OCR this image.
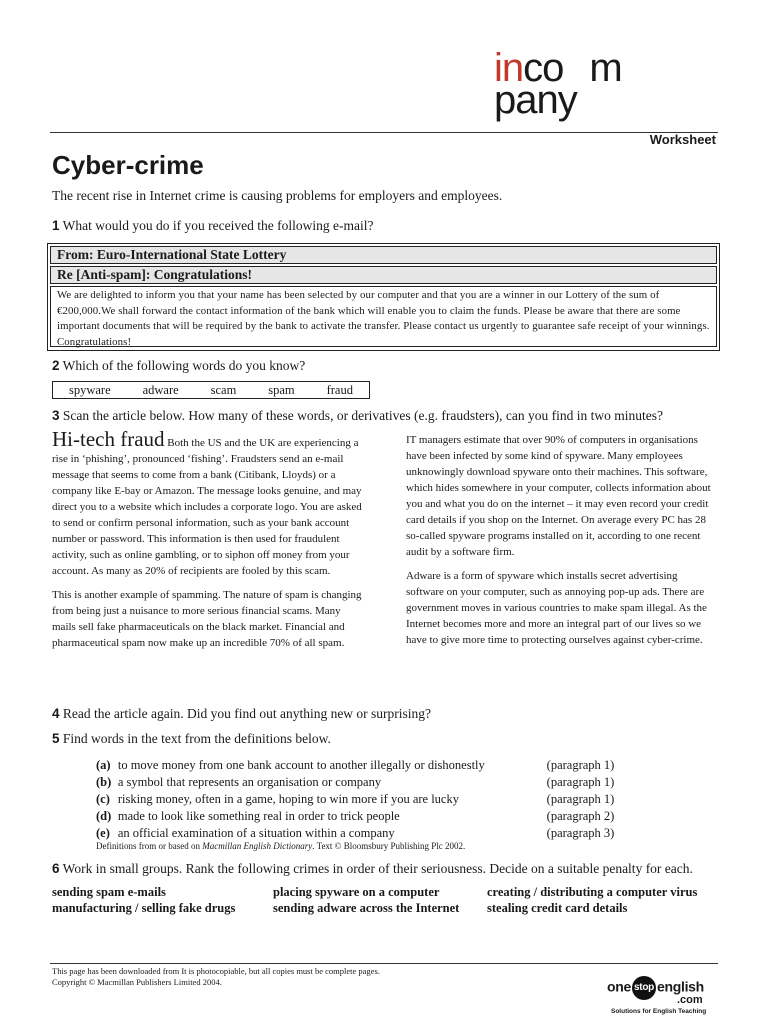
inco m
pany
Worksheet
Cyber-crime

The recent rise in Internet crime is causing problems for employers and employees.

1 What would you do if you received the following e-mail?
From: Euro-International State Lottery
Re [Anti-spam]: Congratulations!
We are delighted to inform you that your name has been selected by our computer and that you are a winner in our Lottery of the sum of €200,000.We shall forward the contact information of the bank which will enable you to claim the funds. Please be aware that there are some important documents that will be required by the bank to activate the transfer. Please contact us urgently to guarantee safe receipt of your winnings. Congratulations!
2 Which of the following words do you know?
spyware	adware	scam	spam	fraud
3 Scan the article below. How many of these words, or derivatives (e.g. fraudsters), can you find in two minutes?

Hi-tech fraud Both the US and the UK are experiencing a rise in ‘phishing’, pronounced ‘fishing’. Fraudsters send an e-mail message that seems to come from a bank (Citibank, Lloyds) or a company like E-bay or Amazon. The message looks genuine, and may direct you to a website which includes a corporate logo. You are asked to send or confirm personal information, such as your bank account number or password. This information is then used for fraudulent activity, such as online gambling, or to siphon off money from your account. As many as 20% of recipients are fooled by this scam.

This is another example of spamming. The nature of spam is changing from being just a nuisance to more serious financial scams. Many mails sell fake pharmaceuticals on the black market. Financial and pharmaceutical spam now make up an incredible 70% of all spam.

IT managers estimate that over 90% of computers in organisations have been infected by some kind of spyware. Many employees unknowingly download spyware onto their machines. This software, which hides somewhere in your computer, collects information about you and what you do on the internet – it may even record your credit card details if you shop on the Internet. On average every PC has 28 so-called spyware programs installed on it, according to one recent audit by a software firm.

Adware is a form of spyware which installs secret advertising software on your computer, such as annoying pop-up ads. There are government moves in various countries to make spam illegal. As the Internet becomes more and more an integral part of our lives so we have to give more time to protecting ourselves against cyber-crime.

4 Read the article again. Did you find out anything new or surprising?
5 Find words in the text from the definitions below.
(a) to move money from one bank account to another illegally or dishonestly	(paragraph 1)
(b) a symbol that represents an organisation or company	(paragraph 1)
(c) risking money, often in a game, hoping to win more if you are lucky	(paragraph 1)
(d) made to look like something real in order to trick people	(paragraph 2)
(e) an official examination of a situation within a company	(paragraph 3)
Definitions from or based on Macmillan English Dictionary. Text © Bloomsbury Publishing Plc 2002.
6 Work in small groups. Rank the following crimes in order of their seriousness. Decide on a suitable penalty for each.
sending spam e-mails	placing spyware on a computer	creating / distributing a computer virus
manufacturing / selling fake drugs	sending adware across the Internet	stealing credit card details
This page has been downloaded from It is photocopiable, but all copies must be complete pages.
Copyright © Macmillan Publishers Limited 2004.	one stop english
.com
Solutions for English Teaching
